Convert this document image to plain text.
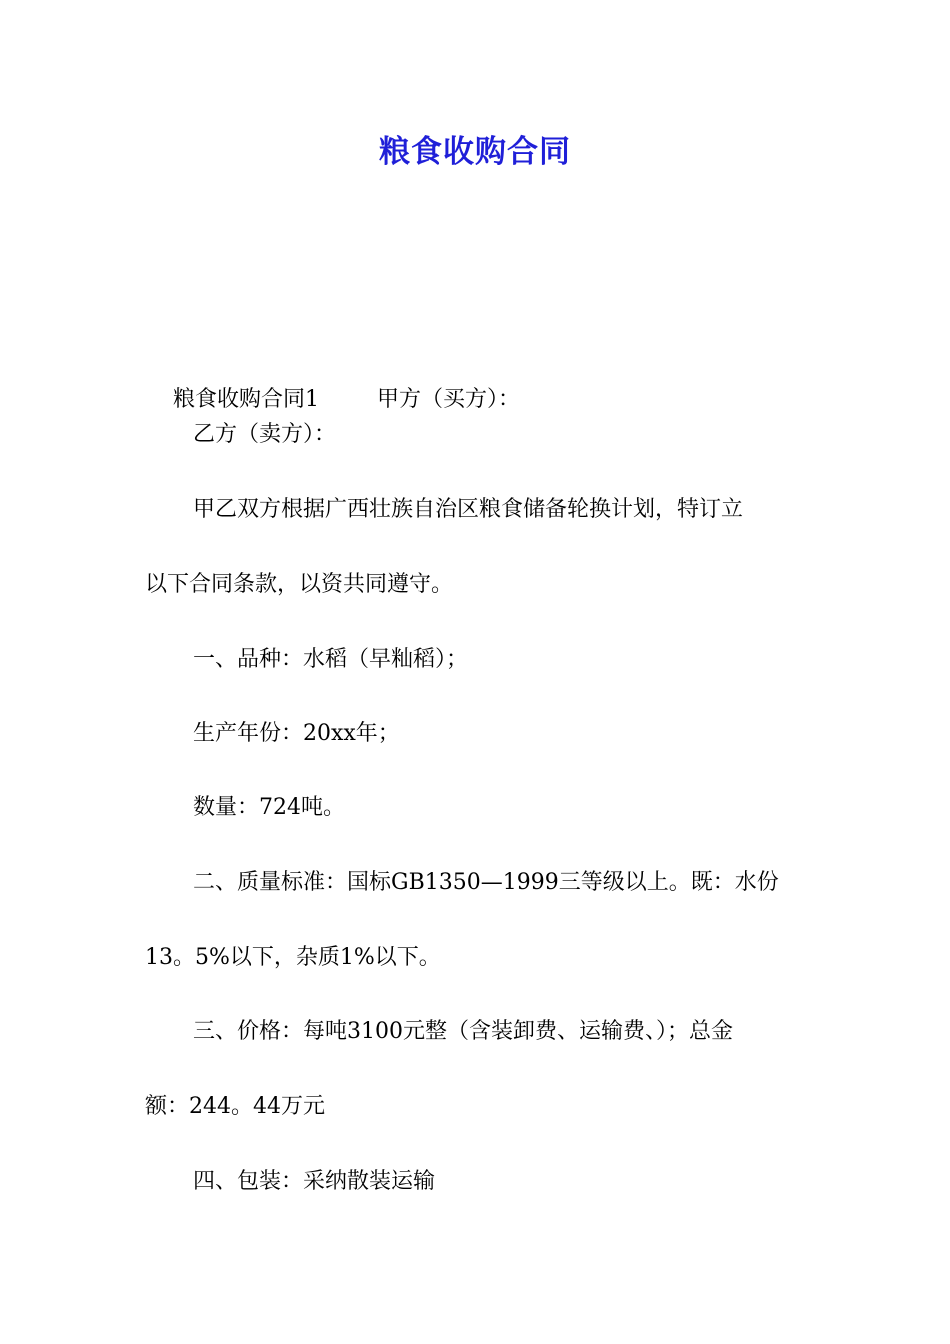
粮食收购合同

粮食收购合同1	甲方（买方）：

乙方（卖方）：
甲乙双方根据广西壮族自治区粮食储备轮换计划，特订立
以下合同条款，以资共同遵守。
一、品种：水稻（早籼稻）；
生产年份：20xx年；
数量：724吨。
二、质量标准：国标GB1350—1999三等级以上。既：水份
13。5%以下，杂质1%以下。
三、价格：每吨3100元整（含装卸费、运输费、）；总金
额：244。44万元
四、包装：采纳散装运输
